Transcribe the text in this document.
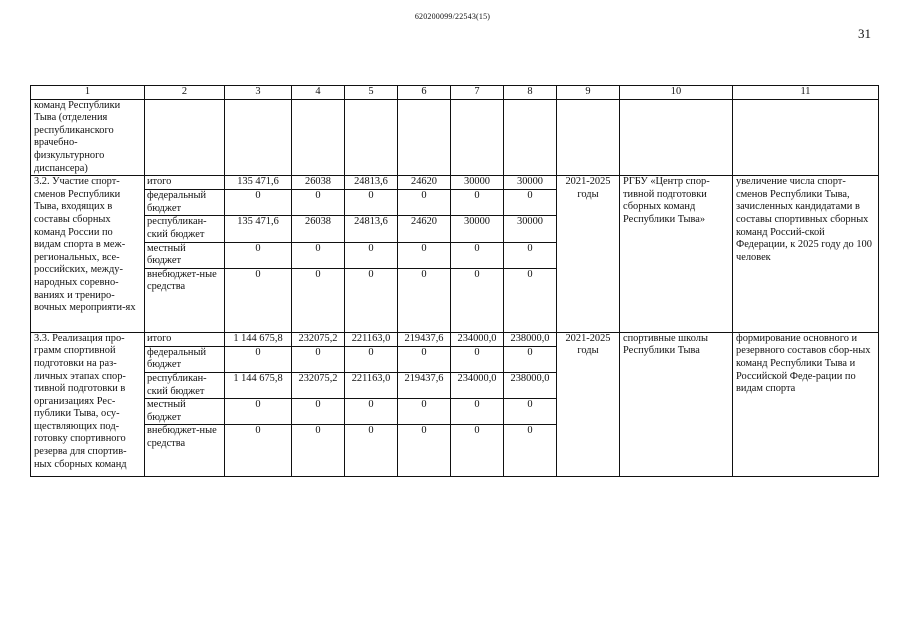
620200099/22543(15)
31
1	2	3	4	5	6	7	8	9	10	11
команд Республики Тыва (отделения республиканского врачебно-физкультурного диспансера)										
3.2. Участие спорт-сменов Республики Тыва, входящих в составы сборных команд России по видам спорта в меж-региональных, все-российских, между-народных соревно-ваниях и трениро-вочных мероприяти-ях	итого	135 471,6	26038	24813,6	24620	30000	30000	2021-2025 годы	РГБУ «Центр спор-тивной подготовки сборных команд Республики Тыва»	увеличение числа спорт-сменов Республики Тыва, зачисленных кандидатами в составы спортивных сборных команд Россий-ской Федерации, к 2025 году до 100 человек
	федеральный бюджет	0	0	0	0	0	0			
	республикан-ский бюджет	135 471,6	26038	24813,6	24620	30000	30000			
	местный бюджет	0	0	0	0	0	0			
	внебюджет-ные средства	0	0	0	0	0	0			
3.3. Реализация про-грамм спортивной подготовки на раз-личных этапах спор-тивной подготовки в организациях Рес-публики Тыва, осу-ществляющих под-готовку спортивного резерва для спортив-ных сборных команд	итого	1 144 675,8	232075,2	221163,0	219437,6	234000,0	238000,0	2021-2025 годы	спортивные школы Республики Тыва	формирование основного и резервного составов сбор-ных команд Республики Тыва и Российской Феде-рации по видам спорта
	федеральный бюджет	0	0	0	0	0	0			
	республикан-ский бюджет	1 144 675,8	232075,2	221163,0	219437,6	234000,0	238000,0			
	местный бюджет	0	0	0	0	0	0			
	внебюджет-ные средства	0	0	0	0	0	0			
